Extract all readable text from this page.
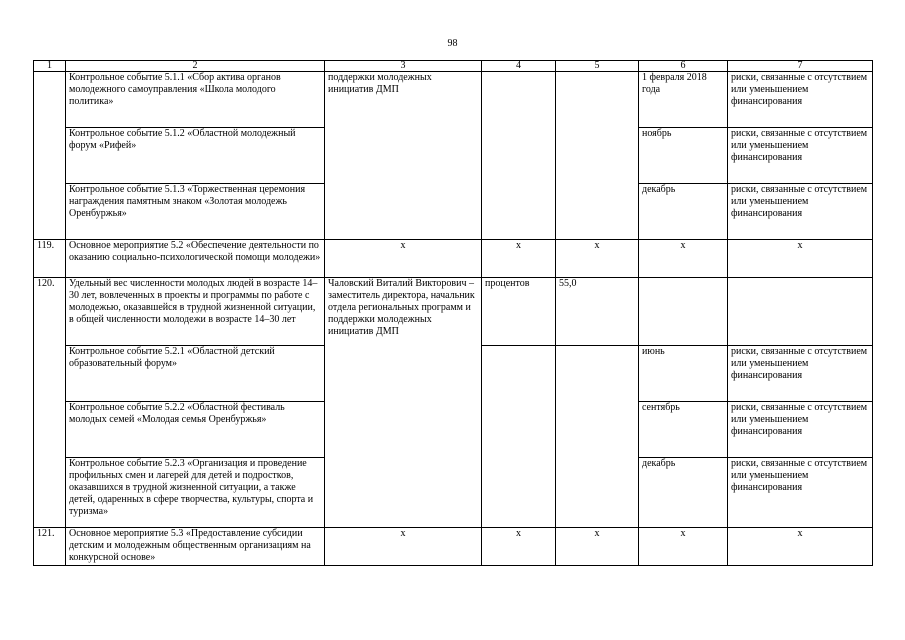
98
1	2	3	4	5	6	7
	Контрольное событие 5.1.1 «Сбор актива органов молодежного самоуправления «Школа молодого политика»	поддержки молодежных инициатив ДМП			1 февраля 2018 года	риски, связанные с отсутствием или уменьшением финансирования
	Контрольное событие 5.1.2 «Областной молодежный форум «Рифей»				ноябрь	риски, связанные с отсутствием или уменьшением финансирования
	Контрольное событие 5.1.3 «Торжественная церемония награждения памятным знаком «Золотая молодежь Оренбуржья»				декабрь	риски, связанные с отсутствием или уменьшением финансирования
119.	Основное мероприятие 5.2 «Обеспечение деятельности по оказанию социально-психологической помощи молодежи»	х	х	х	х	х
120.	Удельный вес численности молодых людей в возрасте 14–30 лет, вовлеченных в проекты и программы по работе с молодежью, оказавшейся в трудной жизненной ситуации, в общей численности молодежи в возрасте 14–30 лет	Чаловский Виталий Викторович – заместитель директора, начальник отдела региональных программ и поддержки молодежных инициатив ДМП	процентов	55,0		
	Контрольное событие 5.2.1 «Областной детский образовательный форум»				июнь	риски, связанные с отсутствием или уменьшением финансирования
	Контрольное событие 5.2.2 «Областной фестиваль молодых семей «Молодая семья Оренбуржья»				сентябрь	риски, связанные с отсутствием или уменьшением финансирования
	Контрольное событие 5.2.3 «Организация и проведение профильных смен и лагерей для детей и подростков, оказавшихся в трудной жизненной ситуации, а также детей, одаренных в сфере творчества, культуры, спорта и туризма»				декабрь	риски, связанные с отсутствием или уменьшением финансирования
121.	Основное мероприятие 5.3 «Предоставление субсидии детским и молодежным общественным организациям на конкурсной основе»	х	х	х	х	х
